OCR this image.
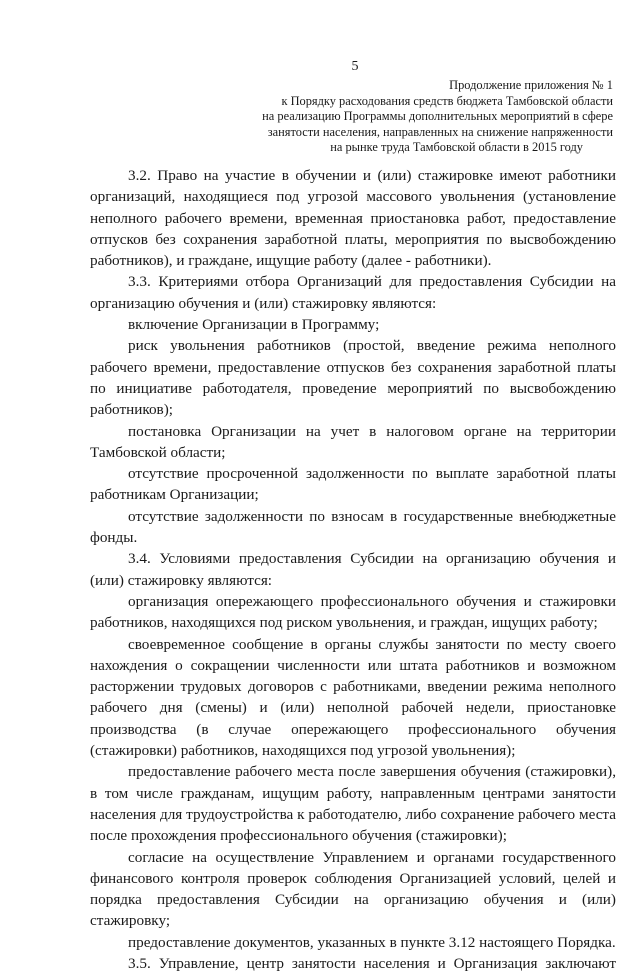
5
Продолжение приложения № 1
к Порядку расходования средств бюджета Тамбовской области
на реализацию Программы дополнительных мероприятий в сфере
занятости населения, направленных на снижение напряженности
на рынке труда Тамбовской области в 2015 году

3.2. Право на участие в обучении и (или) стажировке имеют работники организаций, находящиеся под угрозой массового увольнения (установление неполного рабочего времени, временная приостановка работ, предоставление отпусков без сохранения заработной платы, мероприятия по высвобождению работников), и граждане, ищущие работу (далее - работники).

3.3. Критериями отбора Организаций для предоставления Субсидии на организацию обучения и (или) стажировку являются:

включение Организации в Программу;

риск увольнения работников (простой, введение режима неполного рабочего времени, предоставление отпусков без сохранения заработной платы по инициативе работодателя, проведение мероприятий по высвобождению работников);

постановка Организации на учет в налоговом органе на территории Тамбовской области;

отсутствие просроченной задолженности по выплате заработной платы работникам Организации;

отсутствие задолженности по взносам в государственные внебюджетные фонды.

3.4. Условиями предоставления Субсидии на организацию обучения и (или) стажировку являются:

организация опережающего профессионального обучения и стажировки работников, находящихся под риском увольнения, и граждан, ищущих работу;

своевременное сообщение в органы службы занятости по месту своего нахождения о сокращении численности или штата работников и возможном расторжении трудовых договоров с работниками, введении режима неполного рабочего дня (смены) и (или) неполной рабочей недели, приостановке производства (в случае опережающего профессионального обучения (стажировки) работников, находящихся под угрозой увольнения);

предоставление рабочего места после завершения обучения (стажировки), в том числе гражданам, ищущим работу, направленным центрами занятости населения для трудоустройства к работодателю, либо сохранение рабочего места после прохождения профессионального обучения (стажировки);

согласие на осуществление Управлением и органами государственного финансового контроля проверок соблюдения Организацией условий, целей и порядка предоставления Субсидии на организацию обучения и (или) стажировку;

предоставление документов, указанных в пункте 3.12 настоящего Порядка.

3.5. Управление, центр занятости населения и Организация заключают
